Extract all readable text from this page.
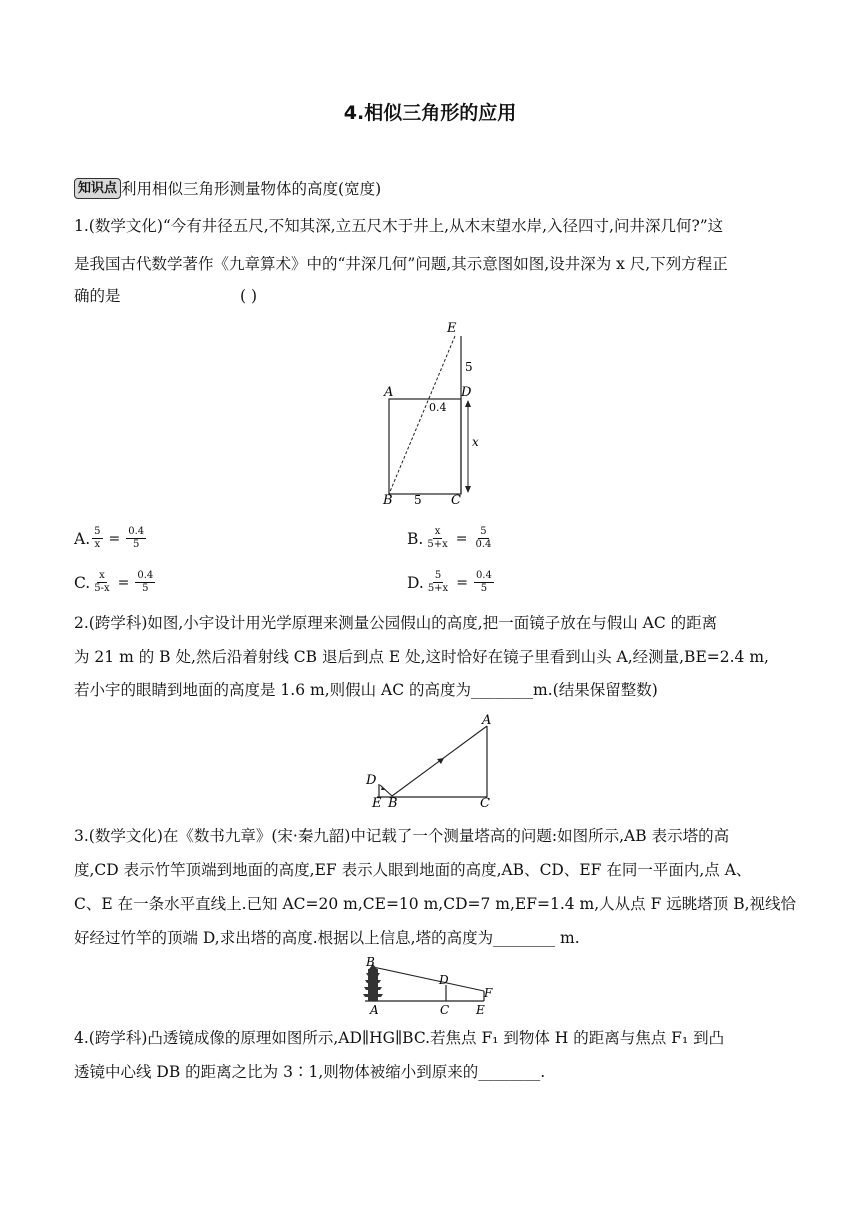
4.相似三角形的应用
知识点 利用相似三角形测量物体的高度(宽度)
1.(数学文化)“今有井径五尺,不知其深,立五尺木于井上,从木末望水岸,入径四寸,问井深几何?”这
是我国古代数学著作《九章算术》中的“井深几何”问题,其示意图如图,设井深为 x 尺,下列方程正
确的是	( )
E
A	D
B	C
5
5
x
0.4
A. $\frac{5}{x} = \frac{0.4}{5}$	B. $\frac{x}{5+x} = \frac{5}{0.4}$
C. $\frac{x}{5-x} = \frac{0.4}{5}$	D. $\frac{5}{5+x} = \frac{0.4}{5}$
2.(跨学科)如图,小宇设计用光学原理来测量公园假山的高度,把一面镜子放在与假山 AC 的距离
为 21 m 的 B 处,然后沿着射线 CB 退后到点 E 处,这时恰好在镜子里看到山头 A,经测量,BE=2.4 m,
若小宇的眼睛到地面的高度是 1.6 m,则假山 AC 的高度为________m.(结果保留整数)
A
D
E B	C
3.(数学文化)在《数书九章》(宋·秦九韶)中记载了一个测量塔高的问题:如图所示,AB 表示塔的高
度,CD 表示竹竿顶端到地面的高度,EF 表示人眼到地面的高度,AB、CD、EF 在同一平面内,点 A、
C、E 在一条水平直线上.已知 AC=20 m,CE=10 m,CD=7 m,EF=1.4 m,人从点 F 远眺塔顶 B,视线恰
好经过竹竿的顶端 D,求出塔的高度.根据以上信息,塔的高度为________ m.
B
D
F
A	C E
4.(跨学科)凸透镜成像的原理如图所示,AD∥HG∥BC.若焦点 F₁ 到物体 H 的距离与焦点 F₁ 到凸
透镜中心线 DB 的距离之比为 3∶1,则物体被缩小到原来的________.
